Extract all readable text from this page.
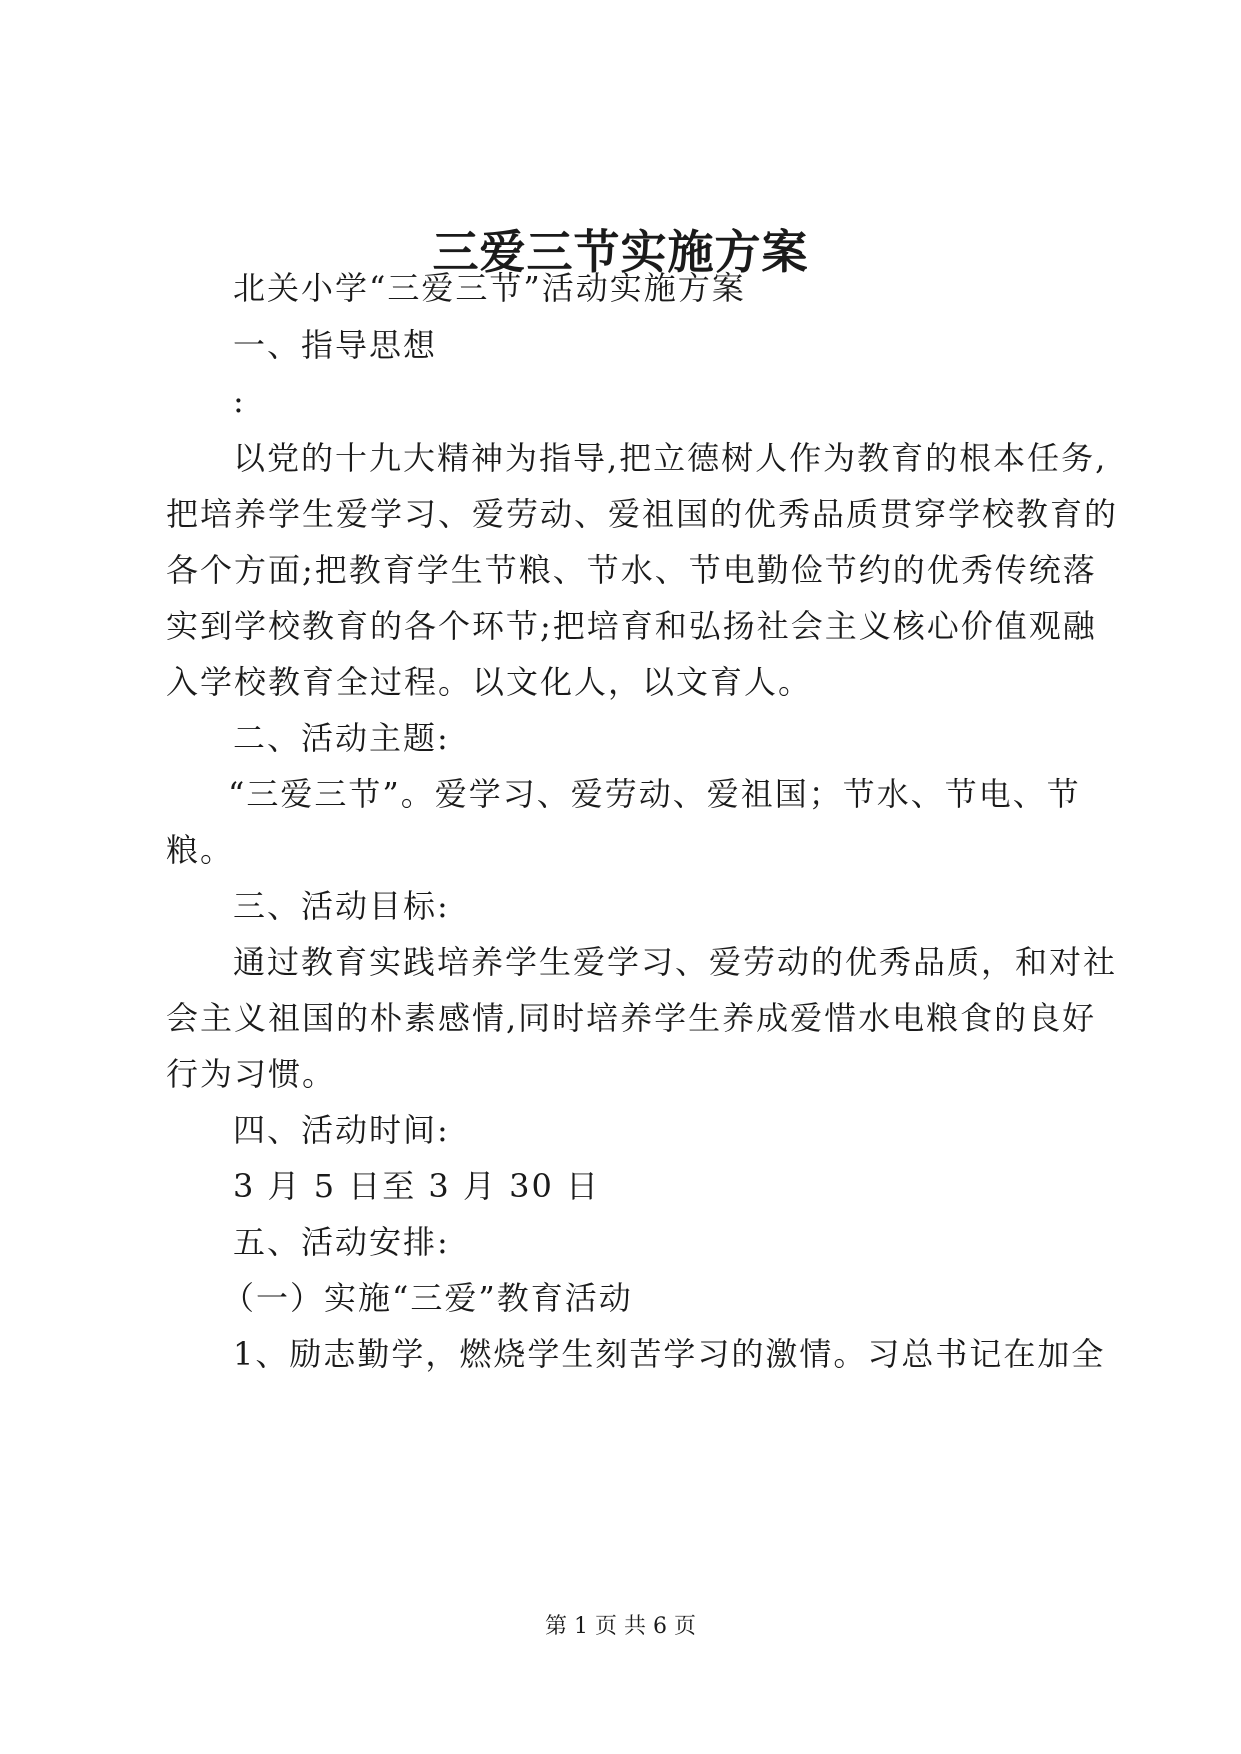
三爱三节实施方案
北关小学“三爱三节”活动实施方案
一、指导思想
:
以党的十九大精神为指导,把立德树人作为教育的根本任务,
把培养学生爱学习、爱劳动、爱祖国的优秀品质贯穿学校教育的
各个方面;把教育学生节粮、节水、节电勤俭节约的优秀传统落
实到学校教育的各个环节;把培育和弘扬社会主义核心价值观融
入学校教育全过程。以文化人，以文育人。
二、活动主题:
“三爱三节”。爱学习、爱劳动、爱祖国；节水、节电、节
粮。
三、活动目标:
通过教育实践培养学生爱学习、爱劳动的优秀品质，和对社
会主义祖国的朴素感情,同时培养学生养成爱惜水电粮食的良好
行为习惯。
四、活动时间:
3 月 5 日至 3 月 30 日
五、活动安排:
（一）实施“三爱”教育活动
1、励志勤学，燃烧学生刻苦学习的激情。习总书记在加全
第 1 页 共 6 页
